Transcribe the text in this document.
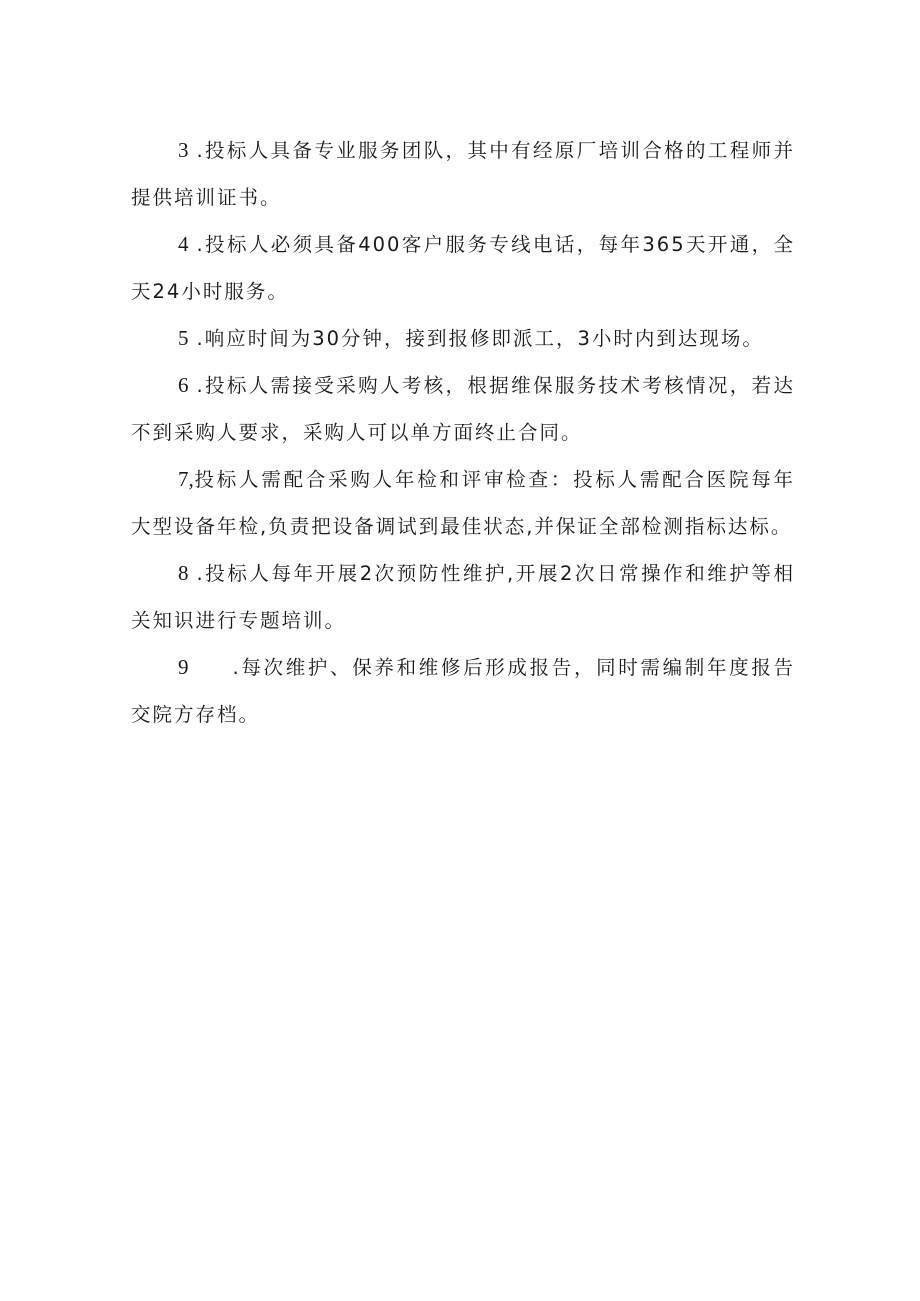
3 .投标人具备专业服务团队，其中有经原厂培训合格的工程师并提供培训证书。

4 .投标人必须具备400客户服务专线电话，每年365天开通，全天24小时服务。

5 .响应时间为30分钟，接到报修即派工，3小时内到达现场。

6 .投标人需接受采购人考核，根据维保服务技术考核情况，若达不到采购人要求，采购人可以单方面终止合同。

7,投标人需配合采购人年检和评审检查：投标人需配合医院每年大型设备年检,负责把设备调试到最佳状态,并保证全部检测指标达标。

8 .投标人每年开展2次预防性维护,开展2次日常操作和维护等相关知识进行专题培训。

9 .每次维护、保养和维修后形成报告，同时需编制年度报告交院方存档。
